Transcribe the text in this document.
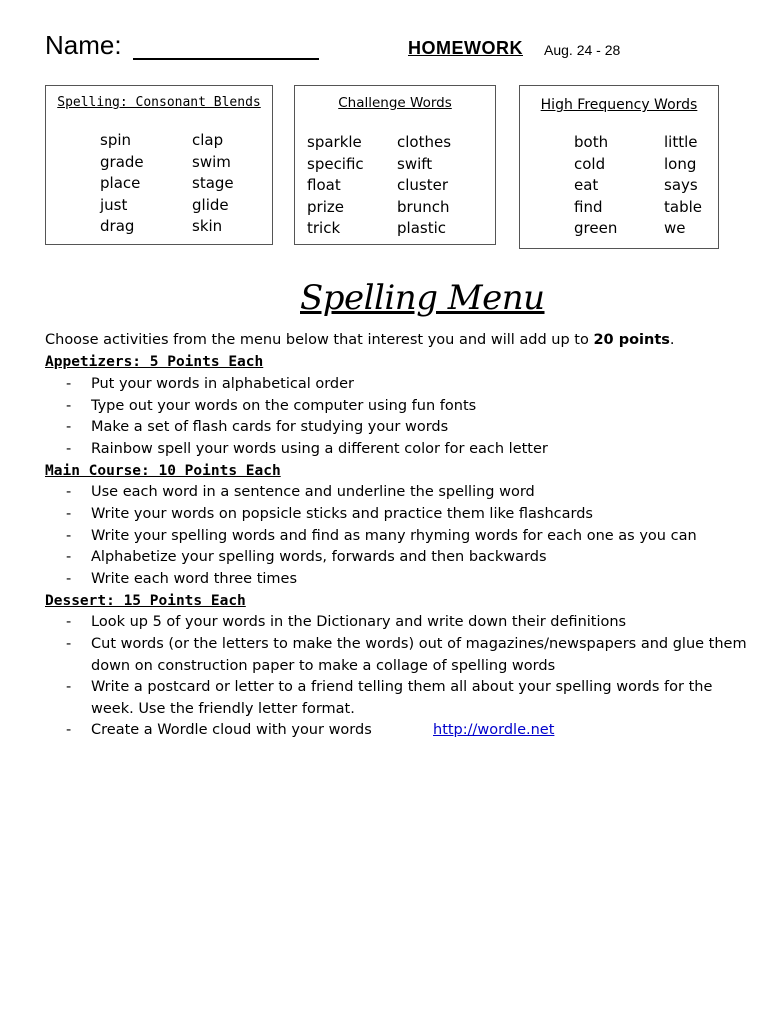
Name:	HOMEWORK Aug. 24 - 28
Spelling: Consonant Blends
spin
grade
place
just
drag
clap
swim
stage
glide
skin
Challenge Words
sparkle
specific
float
prize
trick
clothes
swift
cluster
brunch
plastic
High Frequency Words
both
cold
eat
find
green
little
long
says
table
we
Spelling Menu
Choose activities from the menu below that interest you and will add up to 20 points.
Appetizers: 5 Points Each
- Put your words in alphabetical order
- Type out your words on the computer using fun fonts
- Make a set of flash cards for studying your words
- Rainbow spell your words using a different color for each letter
Main Course: 10 Points Each
- Use each word in a sentence and underline the spelling word
- Write your words on popsicle sticks and practice them like flashcards
- Write your spelling words and find as many rhyming words for each one as you can
- Alphabetize your spelling words, forwards and then backwards
- Write each word three times
Dessert: 15 Points Each
- Look up 5 of your words in the Dictionary and write down their definitions
- Cut words (or the letters to make the words) out of magazines/newspapers and glue them
down on construction paper to make a collage of spelling words
- Write a postcard or letter to a friend telling them all about your spelling words for the
week. Use the friendly letter format.
- Create a Wordle cloud with your words	http://wordle.net
